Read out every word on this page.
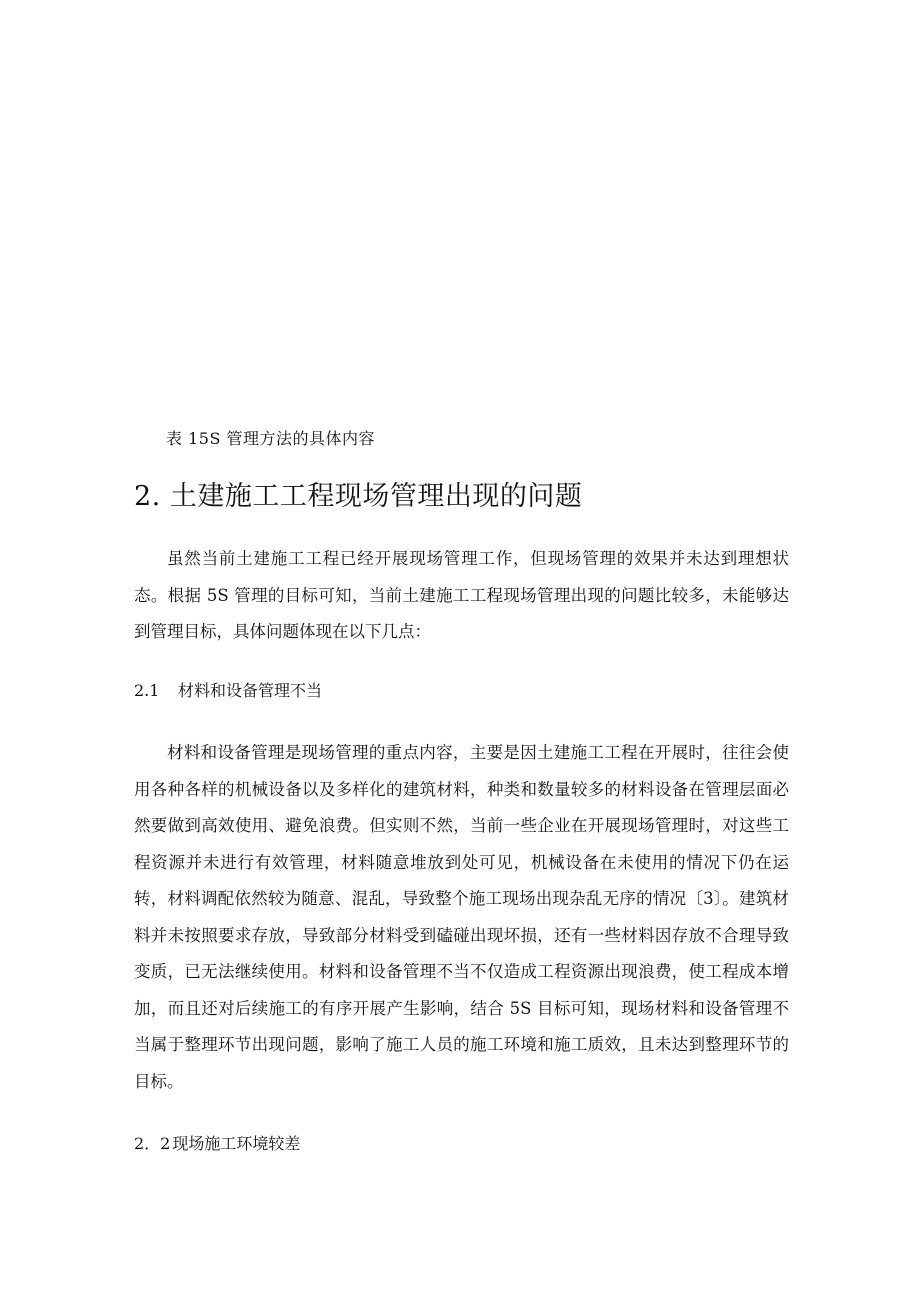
表 15S 管理方法的具体内容
2. 土建施工工程现场管理出现的问题

虽然当前土建施工工程已经开展现场管理工作，但现场管理的效果并未达到理想状态。根据 5S 管理的目标可知，当前土建施工工程现场管理出现的问题比较多，未能够达到管理目标，具体问题体现在以下几点：

2.1 材料和设备管理不当

材料和设备管理是现场管理的重点内容，主要是因土建施工工程在开展时，往往会使用各种各样的机械设备以及多样化的建筑材料，种类和数量较多的材料设备在管理层面必然要做到高效使用、避免浪费。但实则不然，当前一些企业在开展现场管理时，对这些工程资源并未进行有效管理，材料随意堆放到处可见，机械设备在未使用的情况下仍在运转，材料调配依然较为随意、混乱，导致整个施工现场出现杂乱无序的情况〔3〕。建筑材料并未按照要求存放，导致部分材料受到磕碰出现坏损，还有一些材料因存放不合理导致变质，已无法继续使用。材料和设备管理不当不仅造成工程资源出现浪费，使工程成本增加，而且还对后续施工的有序开展产生影响，结合 5S 目标可知，现场材料和设备管理不当属于整理环节出现问题，影响了施工人员的施工环境和施工质效，且未达到整理环节的目标。

2．2 现场施工环境较差
